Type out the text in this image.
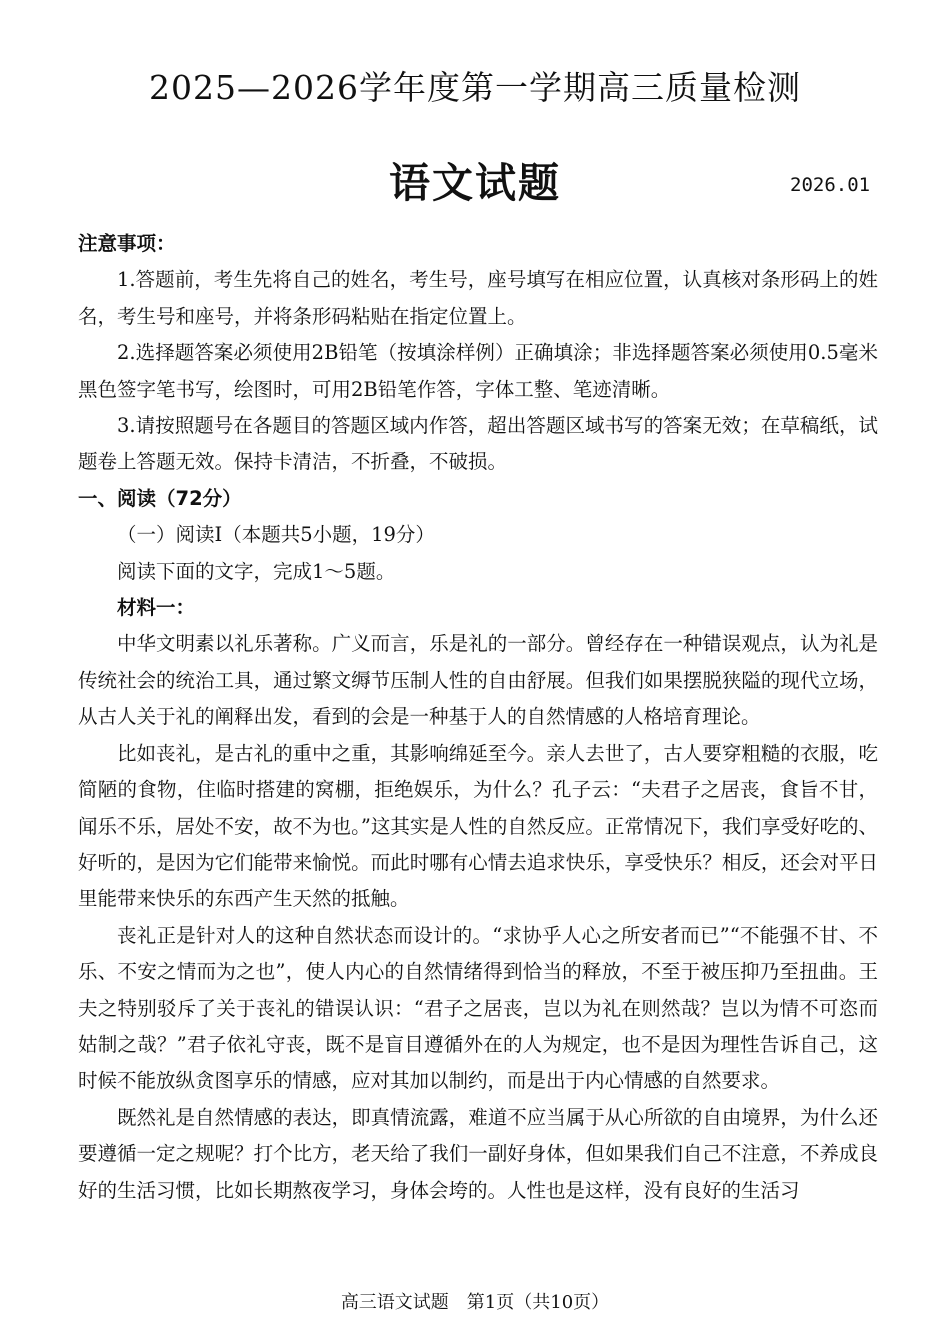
2025—2026学年度第一学期高三质量检测
语文试题	2026.01

注意事项：

1.答题前，考生先将自己的姓名，考生号，座号填写在相应位置，认真核对条形码上的姓名，考生号和座号，并将条形码粘贴在指定位置上。

2.选择题答案必须使用2B铅笔（按填涂样例）正确填涂；非选择题答案必须使用0.5毫米黑色签字笔书写，绘图时，可用2B铅笔作答，字体工整、笔迹清晰。

3.请按照题号在各题目的答题区域内作答，超出答题区域书写的答案无效；在草稿纸，试题卷上答题无效。保持卡清洁，不折叠，不破损。

一、阅读（72分）

（一）阅读Ⅰ（本题共5小题，19分）

阅读下面的文字，完成1～5题。

材料一：

中华文明素以礼乐著称。广义而言，乐是礼的一部分。曾经存在一种错误观点，认为礼是传统社会的统治工具，通过繁文缛节压制人性的自由舒展。但我们如果摆脱狭隘的现代立场，从古人关于礼的阐释出发，看到的会是一种基于人的自然情感的人格培育理论。

比如丧礼，是古礼的重中之重，其影响绵延至今。亲人去世了，古人要穿粗糙的衣服，吃简陋的食物，住临时搭建的窝棚，拒绝娱乐，为什么？孔子云：“夫君子之居丧，食旨不甘，闻乐不乐，居处不安，故不为也。”这其实是人性的自然反应。正常情况下，我们享受好吃的、好听的，是因为它们能带来愉悦。而此时哪有心情去追求快乐，享受快乐？相反，还会对平日里能带来快乐的东西产生天然的抵触。

丧礼正是针对人的这种自然状态而设计的。“求协乎人心之所安者而已”“不能强不甘、不乐、不安之情而为之也”，使人内心的自然情绪得到恰当的释放，不至于被压抑乃至扭曲。王夫之特别驳斥了关于丧礼的错误认识：“君子之居丧，岂以为礼在则然哉？岂以为情不可恣而姑制之哉？”君子依礼守丧，既不是盲目遵循外在的人为规定，也不是因为理性告诉自己，这时候不能放纵贪图享乐的情感，应对其加以制约，而是出于内心情感的自然要求。

既然礼是自然情感的表达，即真情流露，难道不应当属于从心所欲的自由境界，为什么还要遵循一定之规呢？打个比方，老天给了我们一副好身体，但如果我们自己不注意，不养成良好的生活习惯，比如长期熬夜学习，身体会垮的。人性也是这样，没有良好的生活习

高三语文试题　第1页（共10页）
